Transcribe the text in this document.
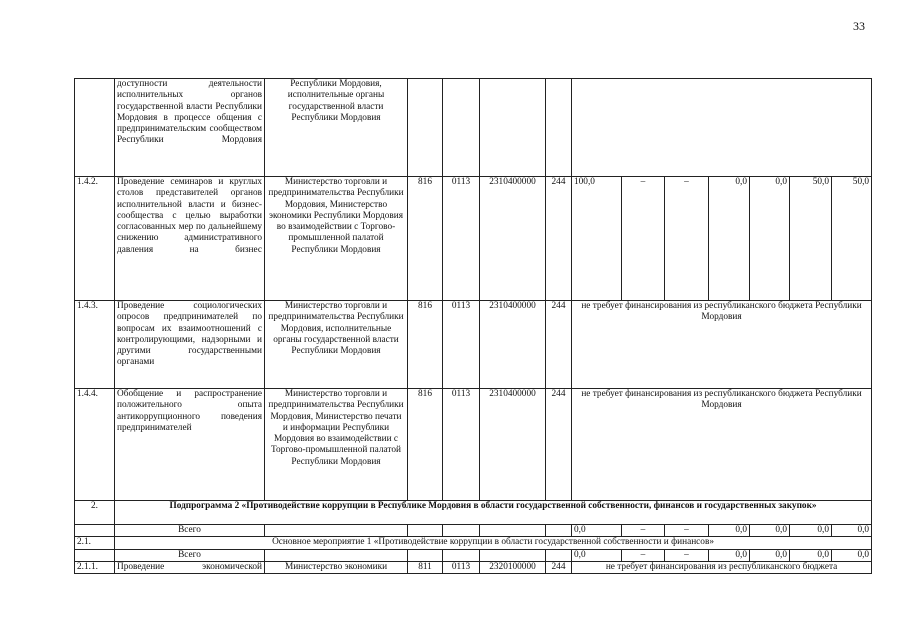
33
	доступности деятельности исполнительных органов государственной власти Республики Мордовия в процессе общения с предпринимательским сообществом Республики Мордовия	Республики Мордовия, исполнительные органы государственной власти Республики Мордовия											
1.4.2.	Проведение семинаров и круглых столов представителей органов исполнительной власти и бизнес-сообщества с целью выработки согласованных мер по дальнейшему снижению административного давления на бизнес	Министерство торговли и предпринимательства Республики Мордовия, Министерство экономики Республики Мордовия во взаимодействии с Торгово-промышленной палатой Республики Мордовия	816	0113	2310400000	244	100,0	–	–	0,0	0,0	50,0	50,0
1.4.3.	Проведение социологических опросов предпринимателей по вопросам их взаимоотношений с контролирующими, надзорными и другими государственными органами	Министерство торговли и предпринимательства Республики Мордовия, исполнительные органы государственной власти Республики Мордовия	816	0113	2310400000	244	не требует финансирования из республиканского бюджета Республики Мордовия						
1.4.4.	Обобщение и распространение положительного опыта антикоррупционного поведения предпринимателей	Министерство торговли и предпринимательства Республики Мордовия, Министерство печати и информации Республики Мордовия во взаимодействии с Торгово-промышленной палатой Республики Мордовия	816	0113	2310400000	244	не требует финансирования из республиканского бюджета Республики Мордовия						
2.	Подпрограмма 2 «Противодействие коррупции в Республике Мордовия в области государственной собственности, финансов и государственных закупок»												
	Всего						0,0	–	–	0,0	0,0	0,0	0,0
2.1.	Основное мероприятие 1 «Противодействие коррупции в области государственной собственности и финансов»												
	Всего						0,0	–	–	0,0	0,0	0,0	0,0
2.1.1.	Проведение экономической	Министерство экономики	811	0113	2320100000	244	не требует финансирования из республиканского бюджета						
